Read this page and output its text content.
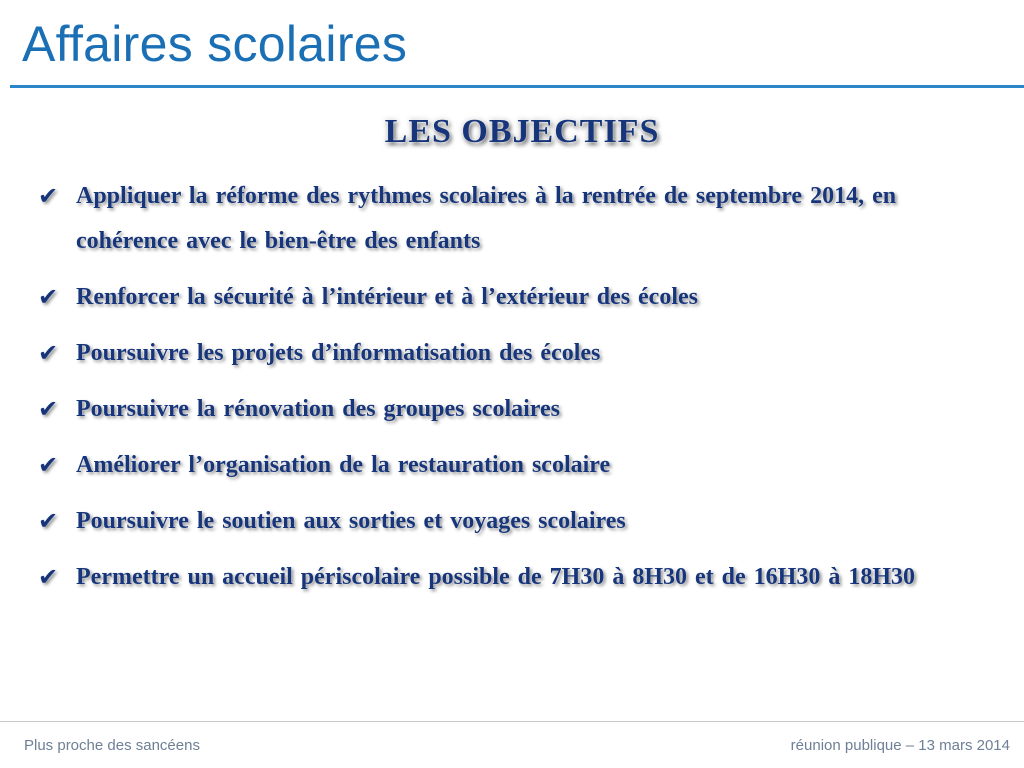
Affaires scolaires
LES OBJECTIFS
✔ Appliquer la réforme des rythmes scolaires à la rentrée de septembre 2014, en cohérence avec le bien-être des enfants
✔ Renforcer la sécurité à l’intérieur et à l’extérieur des écoles
✔ Poursuivre les projets d’informatisation des écoles
✔ Poursuivre la rénovation des groupes scolaires
✔ Améliorer l’organisation de la restauration scolaire
✔ Poursuivre le soutien aux sorties et voyages scolaires
✔ Permettre un accueil périscolaire possible de 7H30 à 8H30 et de 16H30 à 18H30
Plus proche des sancéens	réunion publique – 13 mars 2014
